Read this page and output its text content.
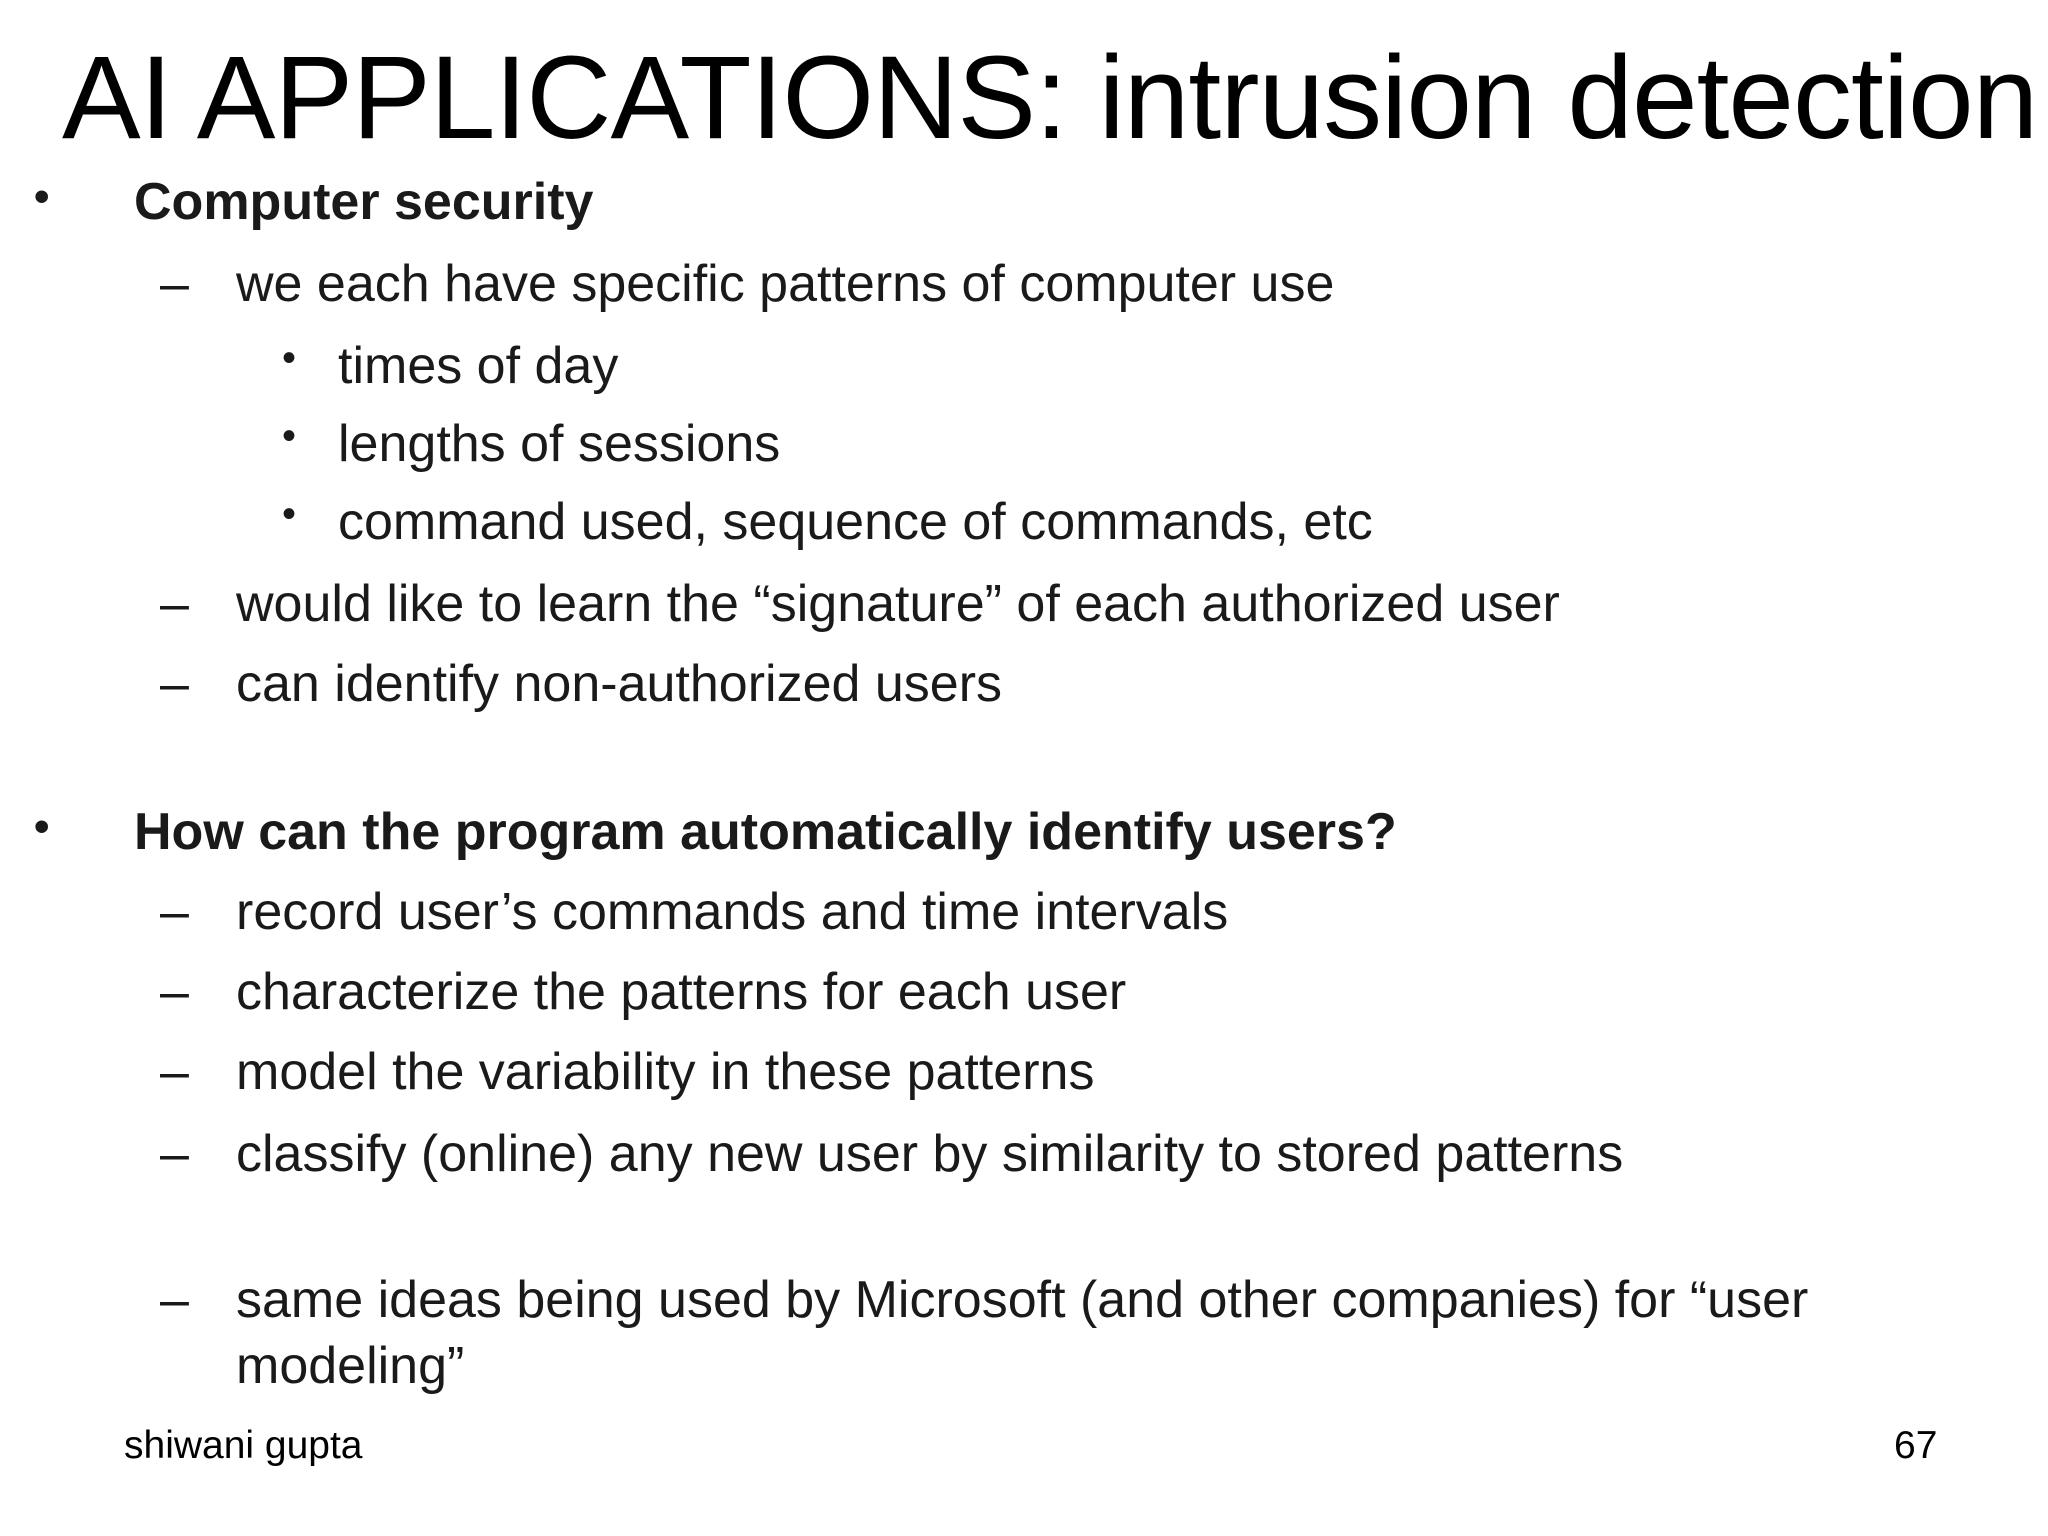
AI APPLICATIONS: intrusion detection
• Computer security
– we each have specific patterns of computer use
• times of day
• lengths of sessions
• command used, sequence of commands, etc
– would like to learn the “signature” of each authorized user
– can identify non-authorized users
• How can the program automatically identify users?
– record user’s commands and time intervals
– characterize the patterns for each user
– model the variability in these patterns
– classify (online) any new user by similarity to stored patterns
– same ideas being used by Microsoft (and other companies) for “user
modeling”
shiwani gupta	67
